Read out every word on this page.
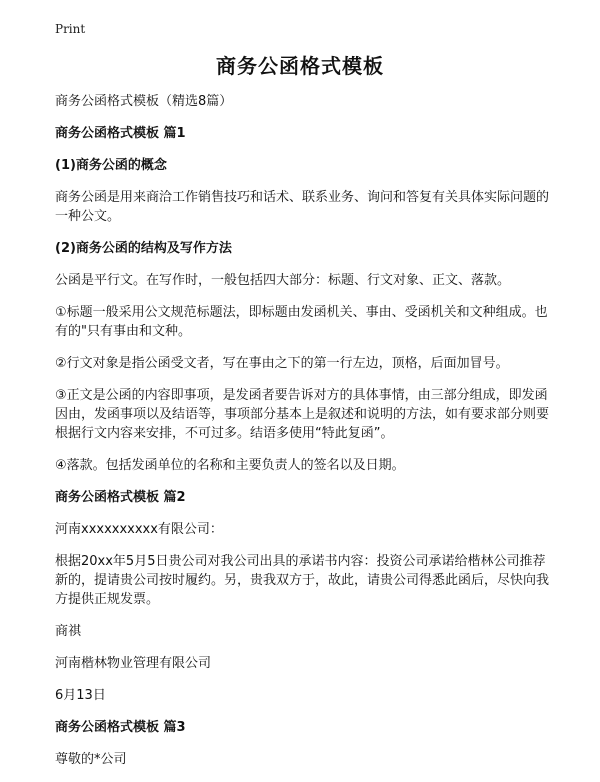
Print
商务公函格式模板
商务公函格式模板（精选8篇）
商务公函格式模板 篇1
(1)商务公函的概念
商务公函是用来商洽工作销售技巧和话术、联系业务、询问和答复有关具体实际问题的一种公文。
(2)商务公函的结构及写作方法
公函是平行文。在写作时，一般包括四大部分：标题、行文对象、正文、落款。
①标题一般采用公文规范标题法，即标题由发函机关、事由、受函机关和文种组成。也有的"只有事由和文种。
②行文对象是指公函受文者，写在事由之下的第一行左边，顶格，后面加冒号。
③正文是公函的内容即事项，是发函者要告诉对方的具体事情，由三部分组成，即发函因由，发函事项以及结语等，事项部分基本上是叙述和说明的方法，如有要求部分则要根据行文内容来安排，不可过多。结语多使用“特此复函”。
④落款。包括发函单位的名称和主要负责人的签名以及日期。
商务公函格式模板 篇2
河南xxxxxxxxxx有限公司：
根据20xx年5月5日贵公司对我公司出具的承诺书内容：投资公司承诺给楷林公司推荐新的，提请贵公司按时履约。另，贵我双方于，故此，请贵公司得悉此函后，尽快向我方提供正规发票。
商祺
河南楷林物业管理有限公司
6月13日
商务公函格式模板 篇3
尊敬的*公司
